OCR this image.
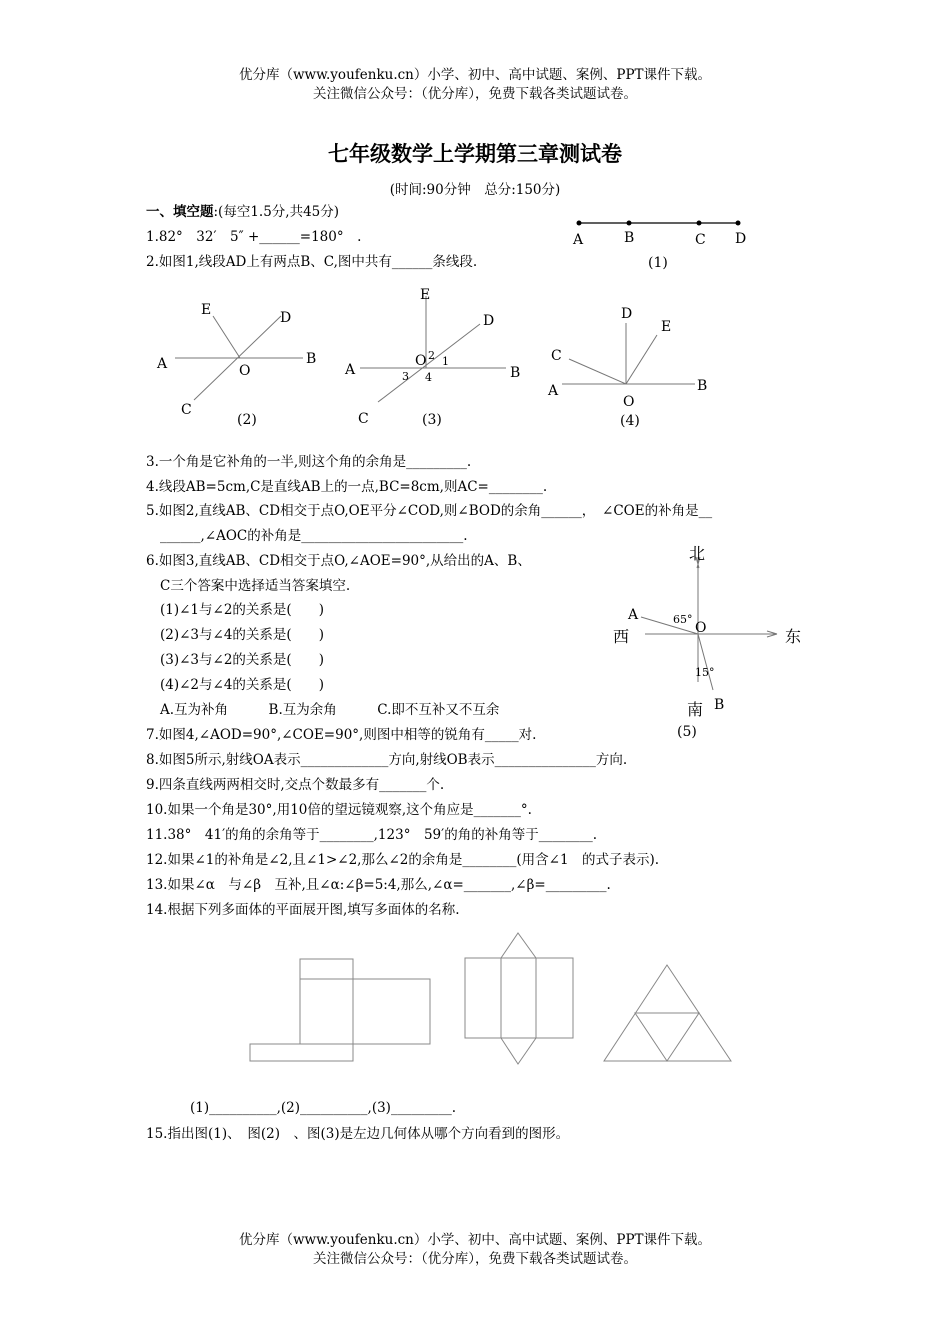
优分库（www.youfenku.cn）小学、初中、高中试题、案例、PPT课件下载。
关注微信公众号：（优分库），免费下载各类试题试卷。
七年级数学上学期第三章测试卷
(时间:90分钟　总分:150分)
一、填空题:(每空1.5分,共45分)
1.82°　32′　5″ +______=180°　.
2.如图1,线段AD上有两点B、C,图中共有______条线段.
A	B	C D
(1)
A	B
C
D
E
O
(2)
A	B
C
D
E
O 1
2
3 4
(3)
A	B
C
D
E
O
(4)
3.一个角是它补角的一半,则这个角的余角是_________.
4.线段AB=5cm,C是直线AB上的一点,BC=8cm,则AC=________.
5.如图2,直线AB、CD相交于点O,OE平分∠COD,则∠BOD的余角______，　∠COE的补角是__
______,∠AOC的补角是________________________.
6.如图3,直线AB、CD相交于点O,∠AOE=90°,从给出的A、B、
C三个答案中选择适当答案填空.
(1)∠1与∠2的关系是(　　)
(2)∠3与∠4的关系是(　　)
(3)∠3与∠2的关系是(　　)
(4)∠2与∠4的关系是(　　)
A.互为补角　　　B.互为余角　　　C.即不互补又不互余
北
西	东
南
O
A
B
65°
15°
(5)
7.如图4,∠AOD=90°,∠COE=90°,则图中相等的锐角有_____对.
8.如图5所示,射线OA表示_____________方向,射线OB表示_______________方向.
9.四条直线两两相交时,交点个数最多有_______个.
10.如果一个角是30°,用10倍的望远镜观察,这个角应是_______°.
11.38°　41′的角的余角等于________,123°　59′的角的补角等于________.
12.如果∠1的补角是∠2,且∠1>∠2,那么∠2的余角是________(用含∠1　的式子表示).
13.如果∠α　与∠β　互补,且∠α:∠β=5:4,那么,∠α=_______,∠β=_________.
14.根据下列多面体的平面展开图,填写多面体的名称.
(1)__________,(2)__________,(3)_________.
15.指出图(1)、　图(2)　、图(3)是左边几何体从哪个方向看到的图形。
优分库（www.youfenku.cn）小学、初中、高中试题、案例、PPT课件下载。
关注微信公众号：（优分库），免费下载各类试题试卷。
